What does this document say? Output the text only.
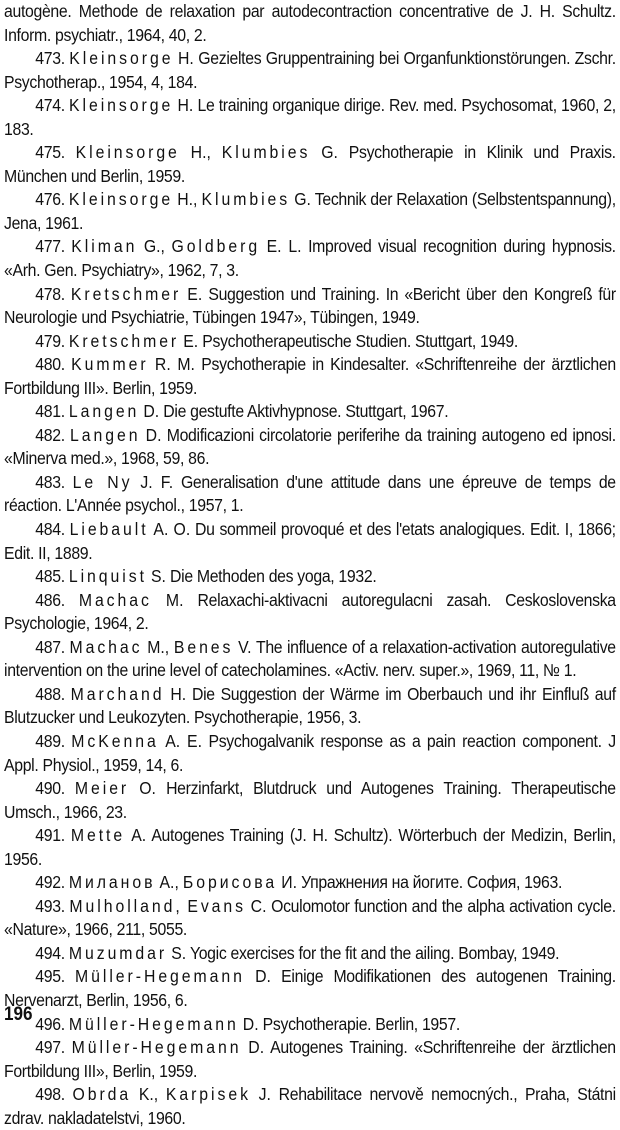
autogène. Methode de relaxation par autodecontraction concentrative de J. H. Schultz. Inform. psychiatr., 1964, 40, 2.

473. Kleinsorge H. Gezieltes Gruppentraining bei Organfunktionstörungen. Zschr. Psychotherap., 1954, 4, 184.

474. Kleinsorge H. Le training organique dirige. Rev. med. Psychosomat, 1960, 2, 183.

475. Kleinsorge H., Klumbies G. Psychotherapie in Klinik und Praxis. München und Berlin, 1959.

476. Kleinsorge H., Klumbies G. Technik der Relaxation (Selbstentspannung), Jena, 1961.

477. Kliman G., Goldberg E. L. Improved visual recognition during hypnosis. «Arh. Gen. Psychiatry», 1962, 7, 3.

478. Kretschmer E. Suggestion und Training. In «Bericht über den Kongreß für Neurologie und Psychiatrie, Tübingen 1947», Tübingen, 1949.

479. Kretschmer E. Psychotherapeutische Studien. Stuttgart, 1949.

480. Kummer R. M. Psychotherapie in Kindesalter. «Schriftenreihe der ärztlichen Fortbildung III». Berlin, 1959.

481. Langen D. Die gestufte Aktivhypnose. Stuttgart, 1967.

482. Langen D. Modificazioni circolatorie periferihe da training autogeno ed ipnosi. «Minerva med.», 1968, 59, 86.

483. Le Ny J. F. Generalisation d'une attitude dans une épreuve de temps de réaction. L'Année psychol., 1957, 1.

484. Liebault A. O. Du sommeil provoqué et des l'etats analogiques. Edit. I, 1866; Edit. II, 1889.

485. Linquist S. Die Methoden des yoga, 1932.

486. Machac M. Relaxachi-aktivacni autoregulacni zasah. Ceskoslovenska Psychologie, 1964, 2.

487. Machac M., Benes V. The influence of a relaxation-activation autoregulative intervention on the urine level of catecholamines. «Activ. nerv. super.», 1969, 11, № 1.

488. Marchand H. Die Suggestion der Wärme im Oberbauch und ihr Einfluß auf Blutzucker und Leukozyten. Psychotherapie, 1956, 3.

489. McKenna A. E. Psychogalvanik response as a pain reaction component. J Appl. Physiol., 1959, 14, 6.

490. Meier O. Herzinfarkt, Blutdruck und Autogenes Training. Therapeutische Umsch., 1966, 23.

491. Mette A. Autogenes Training (J. H. Schultz). Wörterbuch der Medizin, Berlin, 1956.

492. Миланов А., Борисова И. Упражнения на йогите. София, 1963.

493. Mulholland, Evans C. Oculomotor function and the alpha activation cycle. «Nature», 1966, 211, 5055.

494. Muzumdar S. Yogic exercises for the fit and the ailing. Bombay, 1949.

495. Müller-Hegemann D. Einige Modifikationen des autogenen Training. Nervenarzt, Berlin, 1956, 6.

496. Müller-Hegemann D. Psychotherapie. Berlin, 1957.

497. Müller-Hegemann D. Autogenes Training. «Schriftenreihe der ärztlichen Fortbildung III», Berlin, 1959.

498. Obrda K., Karpisek J. Rehabilitace nervově nemocných., Praha, Státni zdrav. nakladatelstvi, 1960.

196
